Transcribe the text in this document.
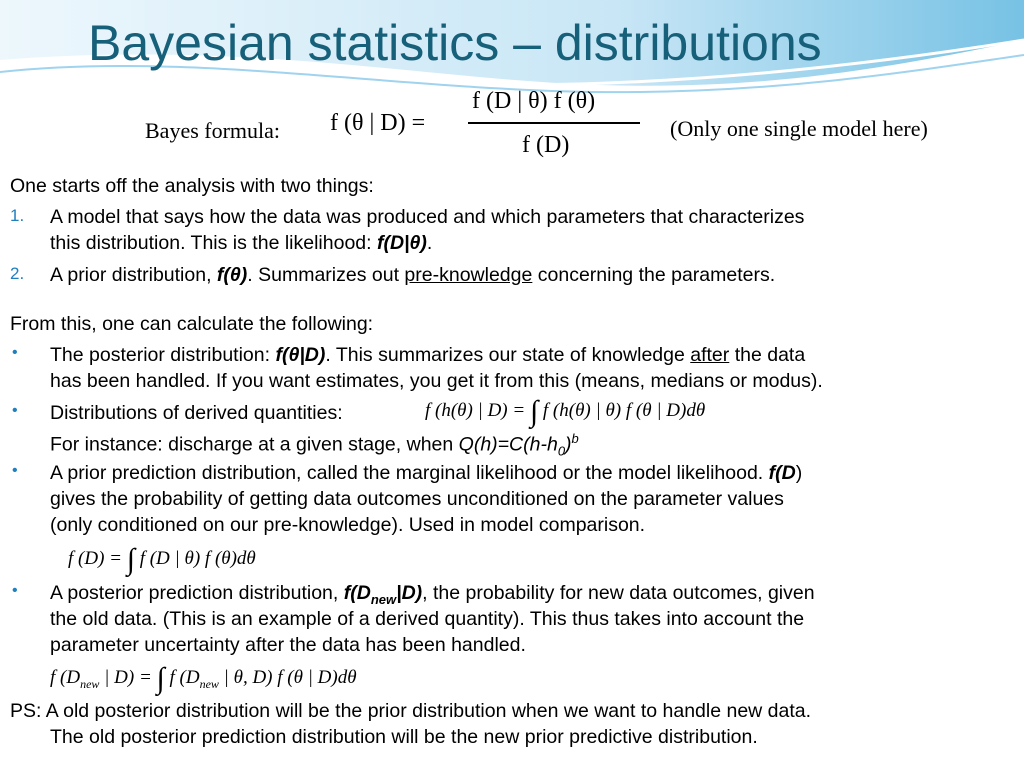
Bayesian statistics – distributions
Bayes formula: f (θ | D) =
f (D | θ) f (θ)
f (D)
(Only one single model here)
One starts off the analysis with two things:
1. A model that says how the data was produced and which parameters that characterizes
this distribution. This is the likelihood: f(D|θ).
2. A prior distribution, f(θ). Summarizes out pre-knowledge concerning the parameters.
From this, one can calculate the following:
• The posterior distribution: f(θ|D). This summarizes our state of knowledge after the data
has been handled. If you want estimates, you get it from this (means, medians or modus).
• Distributions of derived quantities:	f (h(θ) | D) = ∫ f (h(θ) | θ) f (θ | D)dθ
For instance: discharge at a given stage, when $Q(h)=C(h-h_0)^b$
• A prior prediction distribution, called the marginal likelihood or the model likelihood. f(D)
gives the probability of getting data outcomes unconditioned on the parameter values
(only conditioned on our pre-knowledge). Used in model comparison.
f (D) = ∫ f (D | θ) f (θ)dθ
• A posterior prediction distribution, $f(D_{new}|D)$, the probability for new data outcomes, given
the old data. (This is an example of a derived quantity). This thus takes into account the
parameter uncertainty after the data has been handled.
f ($D_{new}$ | D) = ∫ f ($D_{new}$ | θ, D) f (θ | D)dθ
PS: A old posterior distribution will be the prior distribution when we want to handle new data.
The old posterior prediction distribution will be the new prior predictive distribution.
